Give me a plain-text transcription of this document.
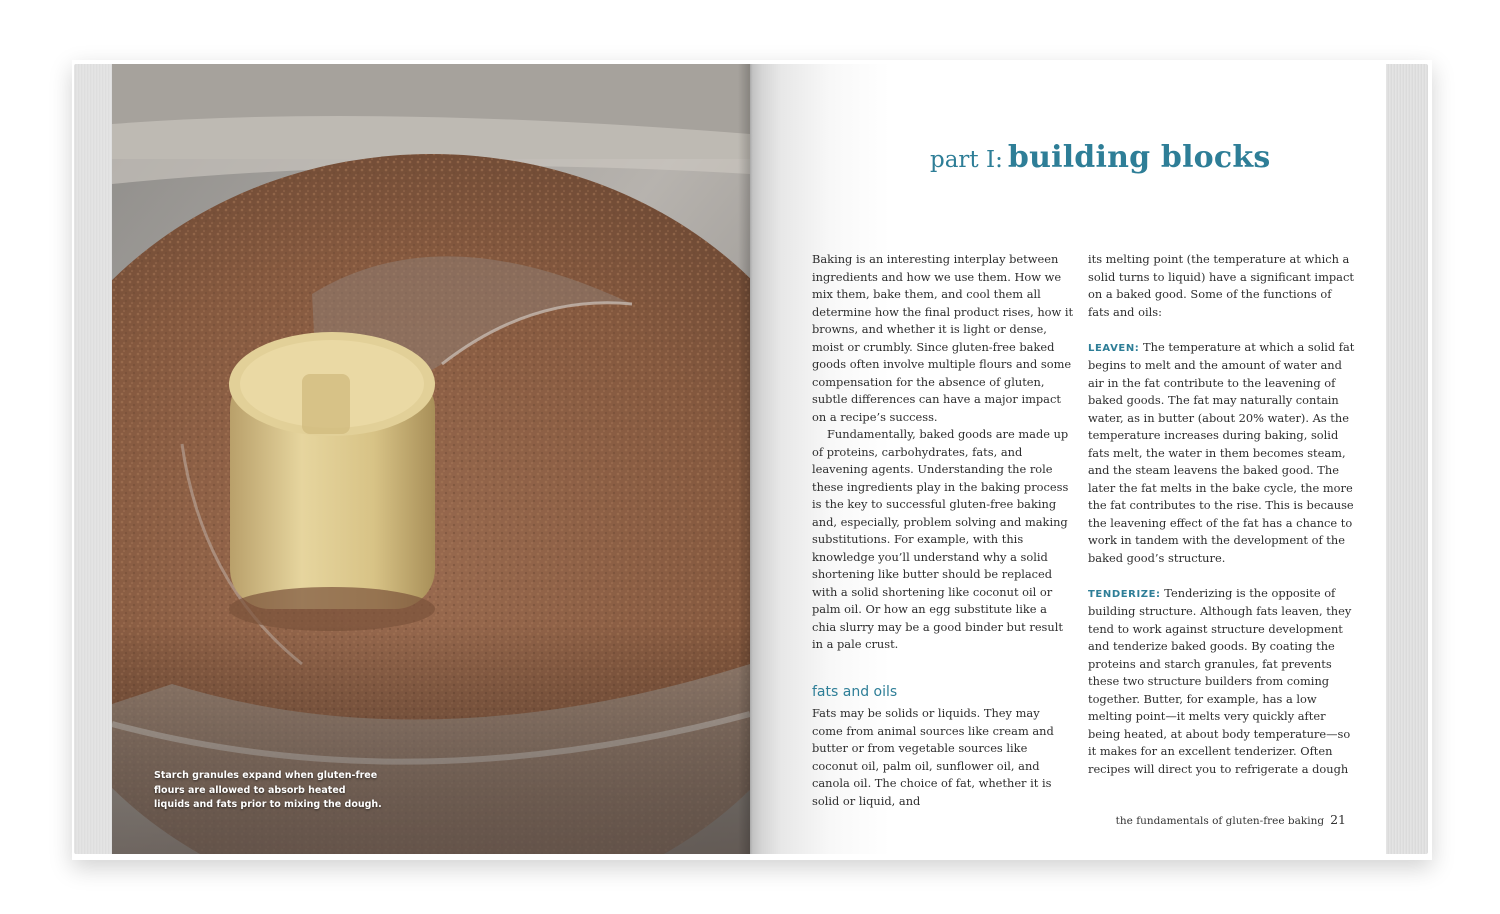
Starch granules expand when gluten-free flours are allowed to absorb heated liquids and fats prior to mixing the dough.
part I: building blocks

Baking is an interesting interplay between ingredients and how we use them. How we mix them, bake them, and cool them all determine how the final product rises, how it browns, and whether it is light or dense, moist or crumbly. Since gluten-free baked goods often involve multiple flours and some compensation for the absence of gluten, subtle differences can have a major impact on a recipe’s success.

Fundamentally, baked goods are made up of proteins, carbohydrates, fats, and leavening agents. Understanding the role these ingredients play in the baking process is the key to successful gluten-free baking and, especially, problem solving and making substitutions. For example, with this knowledge you’ll understand why a solid shortening like butter should be replaced with a solid shortening like coconut oil or palm oil. Or how an egg substitute like a chia slurry may be a good binder but result in a pale crust.

fats and oils

Fats may be solids or liquids. They may come from animal sources like cream and butter or from vegetable sources like coconut oil, palm oil, sunflower oil, and canola oil. The choice of fat, whether it is solid or liquid, and

its melting point (the temperature at which a solid turns to liquid) have a significant impact on a baked good. Some of the functions of fats and oils:

LEAVEN: The temperature at which a solid fat begins to melt and the amount of water and air in the fat contribute to the leavening of baked goods. The fat may naturally contain water, as in butter (about 20% water). As the temperature increases during baking, solid fats melt, the water in them becomes steam, and the steam leavens the baked good. The later the fat melts in the bake cycle, the more the fat contributes to the rise. This is because the leavening effect of the fat has a chance to work in tandem with the development of the baked good’s structure.

TENDERIZE: Tenderizing is the opposite of building structure. Although fats leaven, they tend to work against structure development and tenderize baked goods. By coating the proteins and starch granules, fat prevents these two structure builders from coming together. Butter, for example, has a low melting point—it melts very quickly after being heated, at about body temperature—so it makes for an excellent tenderizer. Often recipes will direct you to refrigerate a dough

the fundamentals of gluten-free baking 21
